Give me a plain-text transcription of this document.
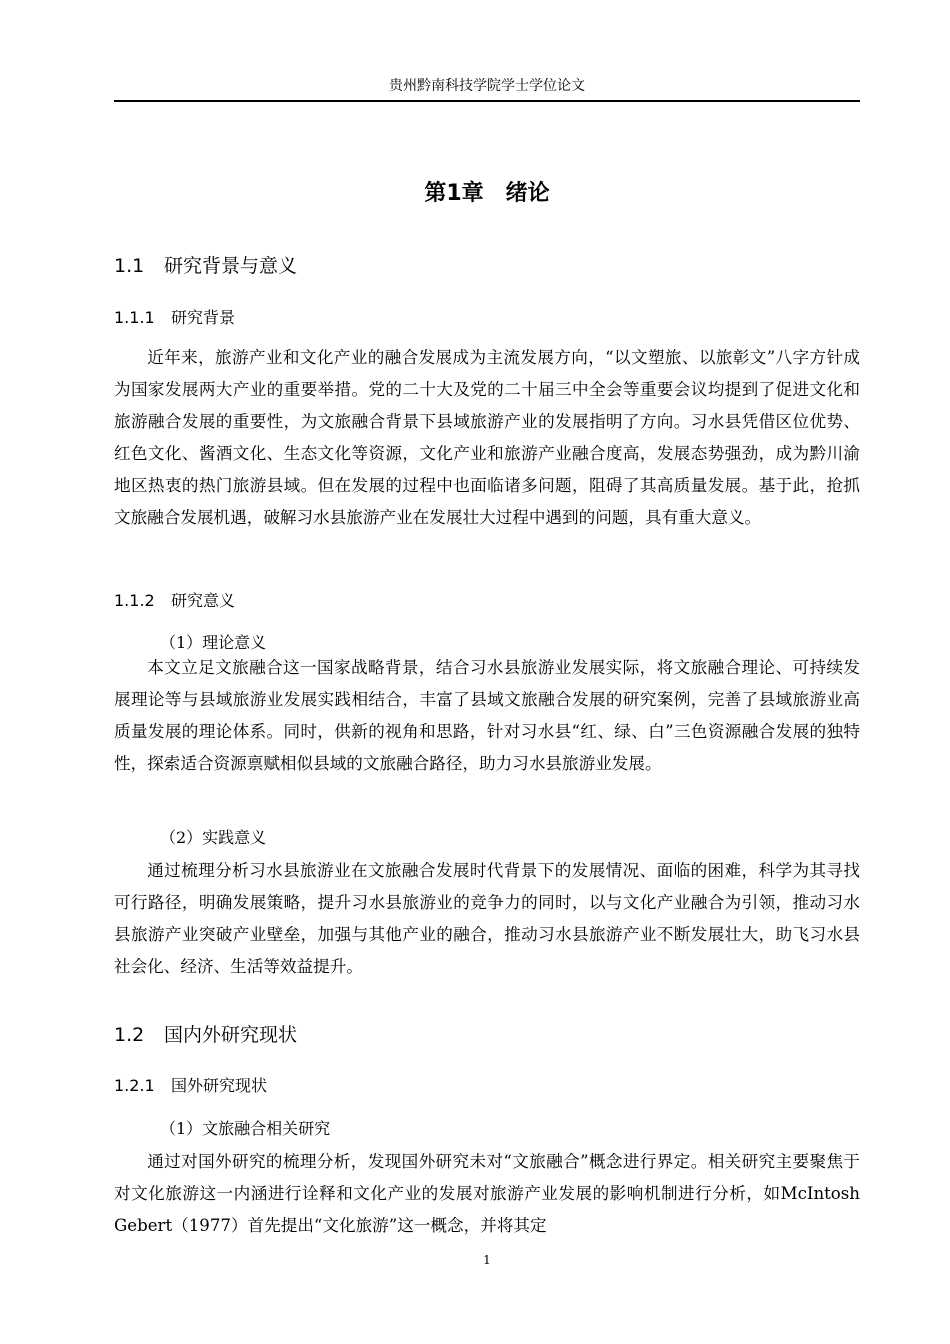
贵州黔南科技学院学士学位论文
第1章　绪论
1.1 研究背景与意义
1.1.1 研究背景

近年来，旅游产业和文化产业的融合发展成为主流发展方向，“以文塑旅、以旅彰文”八字方针成为国家发展两大产业的重要举措。党的二十大及党的二十届三中全会等重要会议均提到了促进文化和旅游融合发展的重要性，为文旅融合背景下县域旅游产业的发展指明了方向。习水县凭借区位优势、红色文化、酱酒文化、生态文化等资源，文化产业和旅游产业融合度高，发展态势强劲，成为黔川渝地区热衷的热门旅游县域。但在发展的过程中也面临诸多问题，阻碍了其高质量发展。基于此，抢抓文旅融合发展机遇，破解习水县旅游产业在发展壮大过程中遇到的问题，具有重大意义。

1.1.2 研究意义
（1）理论意义

本文立足文旅融合这一国家战略背景，结合习水县旅游业发展实际，将文旅融合理论、可持续发展理论等与县域旅游业发展实践相结合，丰富了县域文旅融合发展的研究案例，完善了县域旅游业高质量发展的理论体系。同时，供新的视角和思路，针对习水县“红、绿、白”三色资源融合发展的独特性，探索适合资源禀赋相似县域的文旅融合路径，助力习水县旅游业发展。

（2）实践意义

通过梳理分析习水县旅游业在文旅融合发展时代背景下的发展情况、面临的困难，科学为其寻找可行路径，明确发展策略，提升习水县旅游业的竞争力的同时，以与文化产业融合为引领，推动习水县旅游产业突破产业壁垒，加强与其他产业的融合，推动习水县旅游产业不断发展壮大，助飞习水县社会化、经济、生活等效益提升。

1.2 国内外研究现状
1.2.1 国外研究现状
（1）文旅融合相关研究

通过对国外研究的梳理分析，发现国外研究未对“文旅融合”概念进行界定。相关研究主要聚焦于对文化旅游这一内涵进行诠释和文化产业的发展对旅游产业发展的影响机制进行分析，如McIntosh Gebert（1977）首先提出“文化旅游”这一概念，并将其定

1
